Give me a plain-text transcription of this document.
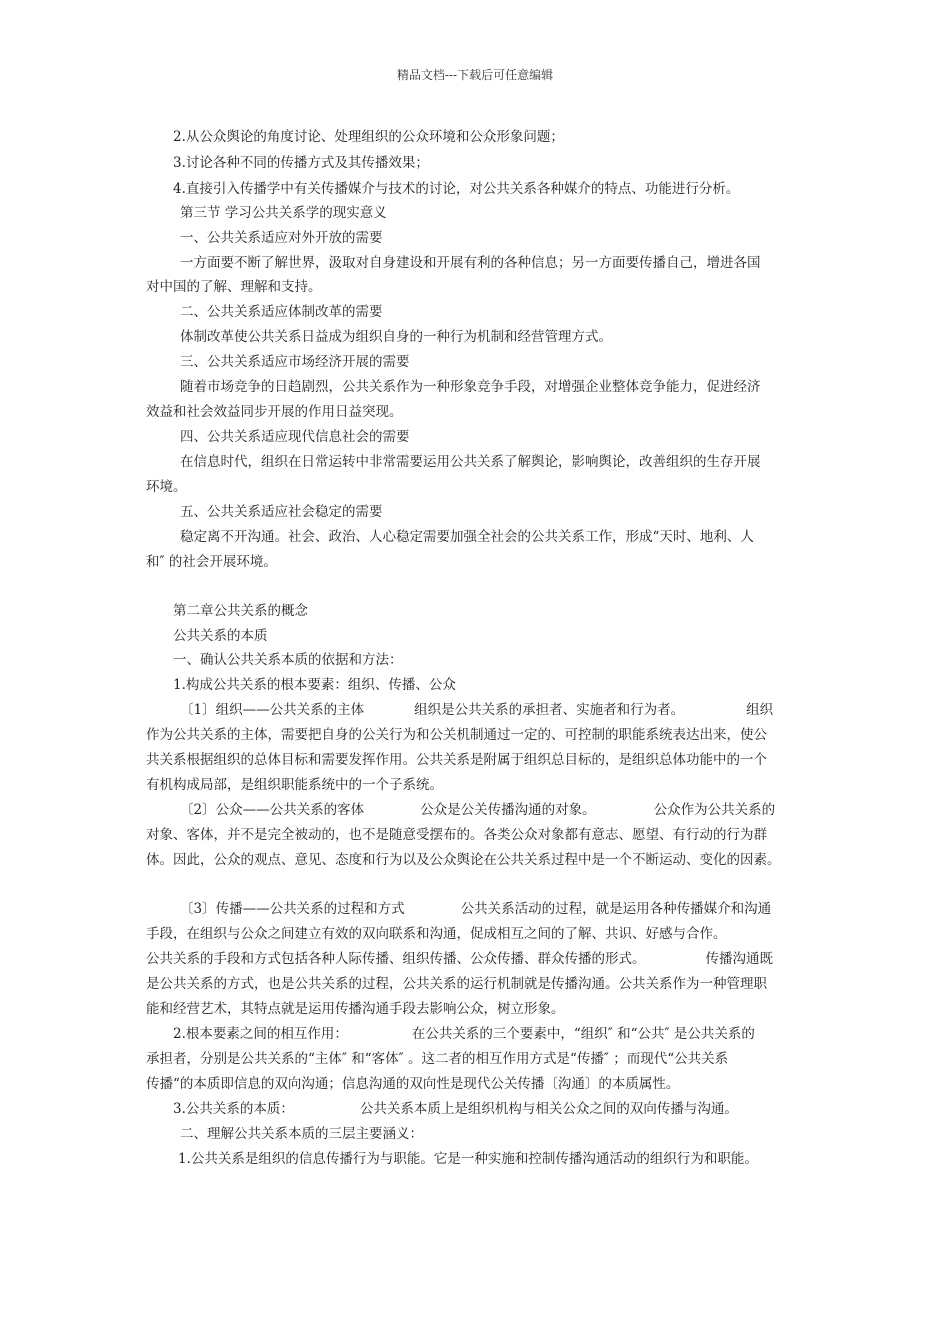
精品文档---下载后可任意编辑
2.从公众舆论的角度讨论、处理组织的公众环境和公众形象问题；
3.讨论各种不同的传播方式及其传播效果；
4.直接引入传播学中有关传播媒介与技术的讨论，对公共关系各种媒介的特点、功能进行分析。
第三节 学习公共关系学的现实意义
一、公共关系适应对外开放的需要
一方面要不断了解世界，汲取对自身建设和开展有利的各种信息；另一方面要传播自己，增进各国
对中国的了解、理解和支持。
二、公共关系适应体制改革的需要
体制改革使公共关系日益成为组织自身的一种行为机制和经营管理方式。
三、公共关系适应市场经济开展的需要
随着市场竞争的日趋剧烈，公共关系作为一种形象竞争手段，对增强企业整体竞争能力，促进经济
效益和社会效益同步开展的作用日益突现。
四、公共关系适应现代信息社会的需要
在信息时代，组织在日常运转中非常需要运用公共关系了解舆论，影响舆论，改善组织的生存开展
环境。
五、公共关系适应社会稳定的需要
稳定离不开沟通。社会、政治、人心稳定需要加强全社会的公共关系工作，形成“天时、地利、人
和″ 的社会开展环境。
第二章公共关系的概念
公共关系的本质
一、确认公共关系本质的依据和方法：
1.构成公共关系的根本要素：组织、传播、公众
〔1〕组织——公共关系的主体	组织是公共关系的承担者、实施者和行为者。	组织
作为公共关系的主体，需要把自身的公关行为和公关机制通过一定的、可控制的职能系统表达出来，使公
共关系根据组织的总体目标和需要发挥作用。公共关系是附属于组织总目标的，是组织总体功能中的一个
有机构成局部，是组织职能系统中的一个子系统。
〔2〕公众——公共关系的客体	公众是公关传播沟通的对象。	公众作为公共关系的
对象、客体，并不是完全被动的，也不是随意受摆布的。各类公众对象都有意志、愿望、有行动的行为群
体。因此，公众的观点、意见、态度和行为以及公众舆论在公共关系过程中是一个不断运动、变化的因素。
〔3〕传播——公共关系的过程和方式	公共关系活动的过程，就是运用各种传播媒介和沟通
手段，在组织与公众之间建立有效的双向联系和沟通，促成相互之间的了解、共识、好感与合作。
公共关系的手段和方式包括各种人际传播、组织传播、公众传播、群众传播的形式。	传播沟通既
是公共关系的方式，也是公共关系的过程，公共关系的运行机制就是传播沟通。公共关系作为一种管理职
能和经营艺术，其特点就是运用传播沟通手段去影响公众，树立形象。
2.根本要素之间的相互作用：	在公共关系的三个要素中，“组织″ 和“公共″ 是公共关系的
承担者，分别是公共关系的“主体″ 和“客体″ 。这二者的相互作用方式是“传播″ ；而现代“公共关系
传播“的本质即信息的双向沟通；信息沟通的双向性是现代公关传播〔沟通〕的本质属性。
3.公共关系的本质：	公共关系本质上是组织机构与相关公众之间的双向传播与沟通。
二、理解公共关系本质的三层主要涵义：
1.公共关系是组织的信息传播行为与职能。它是一种实施和控制传播沟通活动的组织行为和职能。
